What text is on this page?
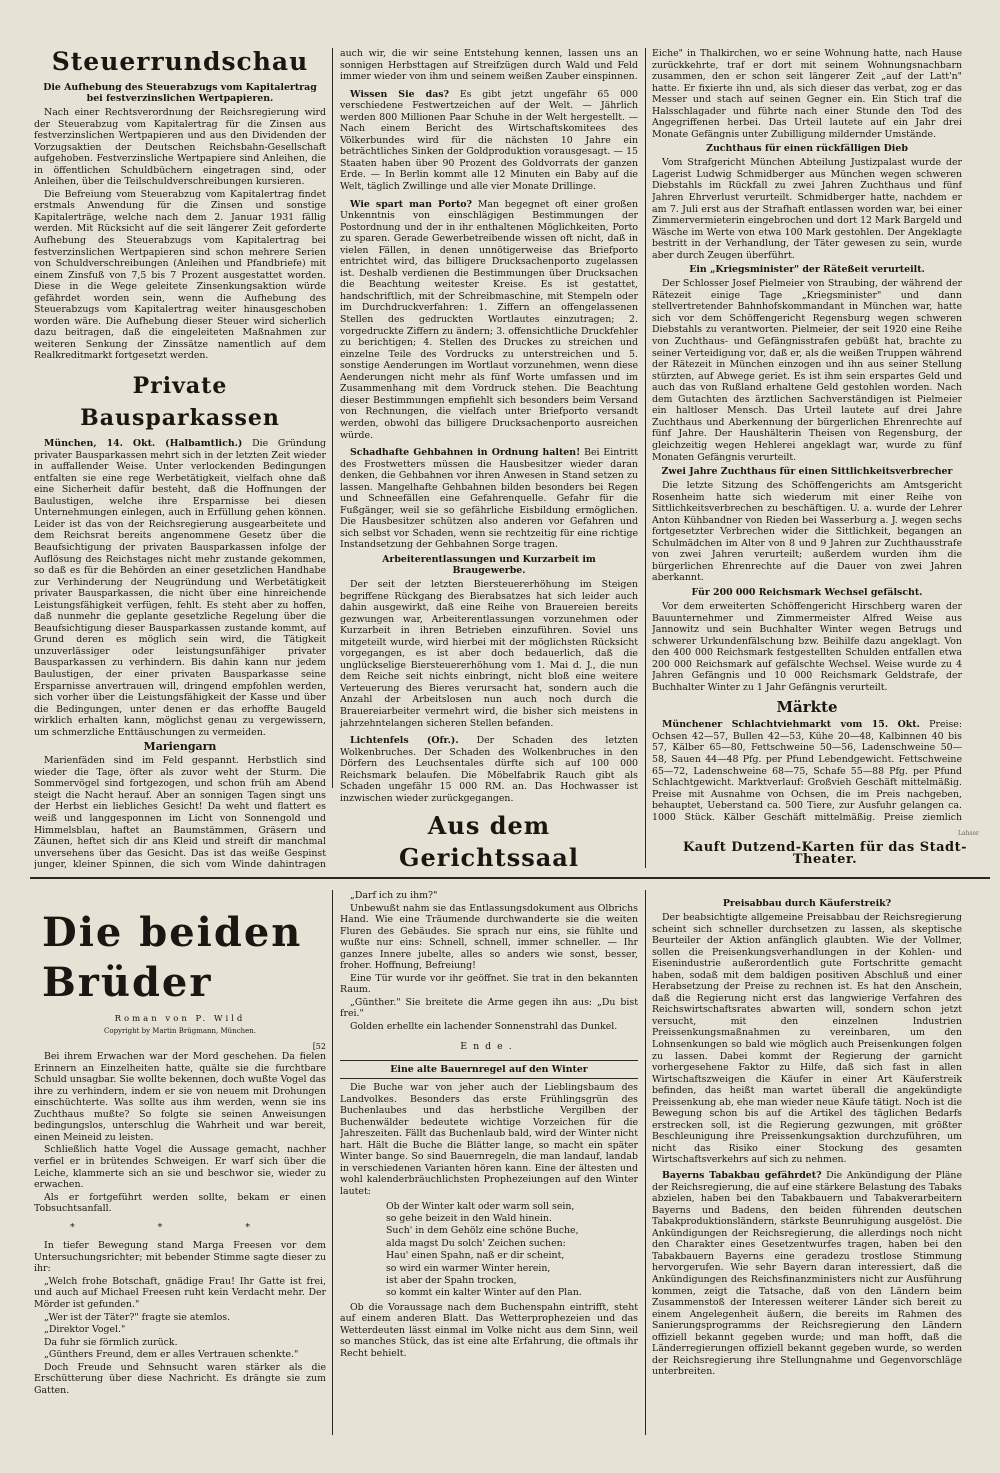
Steuerrundschau
Die Aufhebung des Steuerabzugs vom Kapitalertrag bei festverzinslichen Wertpapieren.

Nach einer Rechtsverordnung der Reichsregierung wird der Steuerabzug vom Kapitalertrag für die Zinsen aus festverzinslichen Wertpapieren und aus den Dividenden der Vorzugsaktien der Deutschen Reichsbahn-Gesellschaft aufgehoben. Festverzinsliche Wertpapiere sind Anleihen, die in öffentlichen Schuldbüchern eingetragen sind, oder Anleihen, über die Teilschuldverschreibungen kursieren.

Die Befreiung vom Steuerabzug vom Kapitalertrag findet erstmals Anwendung für die Zinsen und sonstige Kapitalerträge, welche nach dem 2. Januar 1931 fällig werden. Mit Rücksicht auf die seit längerer Zeit geforderte Aufhebung des Steuerabzugs vom Kapitalertrag bei festverzinslichen Wertpapieren sind schon mehrere Serien von Schuldverschreibungen (Anleihen und Pfandbriefe) mit einem Zinsfuß von 7,5 bis 7 Prozent ausgestattet worden. Diese in die Wege geleitete Zinsenkungsaktion würde gefährdet worden sein, wenn die Aufhebung des Steuerabzugs vom Kapitalertrag weiter hinausgeschoben worden wäre. Die Aufhebung dieser Steuer wird sicherlich dazu beitragen, daß die eingeleiteten Maßnahmen zur weiteren Senkung der Zinssätze namentlich auf dem Realkreditmarkt fortgesetzt werden.

Private Bausparkassen

München, 14. Okt. (Halbamtlich.) Die Gründung privater Bausparkassen mehrt sich in der letzten Zeit wieder in auffallender Weise. Unter verlockenden Bedingungen entfalten sie eine rege Werbetätigkeit, vielfach ohne daß eine Sicherheit dafür besteht, daß die Hoffnungen der Baulustigen, welche ihre Ersparnisse bei diesen Unternehmungen einlegen, auch in Erfüllung gehen können. Leider ist das von der Reichsregierung ausgearbeitete und dem Reichsrat bereits angenommene Gesetz über die Beaufsichtigung der privaten Bausparkassen infolge der Auflösung des Reichstages nicht mehr zustande gekommen, so daß es für die Behörden an einer gesetzlichen Handhabe zur Verhinderung der Neugründung und Werbetätigkeit privater Bausparkassen, die nicht über eine hinreichende Leistungsfähigkeit verfügen, fehlt. Es steht aber zu hoffen, daß nunmehr die geplante gesetzliche Regelung über die Beaufsichtigung dieser Bausparkassen zustande kommt, auf Grund deren es möglich sein wird, die Tätigkeit unzuverlässiger oder leistungsunfähiger privater Bausparkassen zu verhindern. Bis dahin kann nur jedem Baulustigen, der einer privaten Bausparkasse seine Ersparnisse anvertrauen will, dringend empfohlen werden, sich vorher über die Leistungsfähigkeit der Kasse und über die Bedingungen, unter denen er das erhoffte Baugeld wirklich erhalten kann, möglichst genau zu vergewissern, um schmerzliche Enttäuschungen zu vermeiden.

Mariengarn

Marienfäden sind im Feld gespannt. Herbstlich sind wieder die Tage, öfter als zuvor weht der Sturm. Die Sommervögel sind fortgezogen, und schon früh am Abend steigt die Nacht herauf. Aber an sonnigen Tagen singt uns der Herbst ein liebliches Gesicht! Da weht und flattert es weiß und langgesponnen im Licht von Sonnengold und Himmelsblau, haftet an Baumstämmen, Gräsern und Zäunen, heftet sich dir ans Kleid und streift dir manchmal unversehens über das Gesicht. Das ist das weiße Gespinst junger, kleiner Spinnen, die sich vom Winde dahintragen

auch wir, die wir seine Entstehung kennen, lassen uns an sonnigen Herbsttagen auf Streifzügen durch Wald und Feld immer wieder von ihm und seinem weißen Zauber einspinnen.

Wissen Sie das? Es gibt jetzt ungefähr 65 000 verschiedene Festwertzeichen auf der Welt. — Jährlich werden 800 Millionen Paar Schuhe in der Welt hergestellt. — Nach einem Bericht des Wirtschaftskomitees des Völkerbundes wird für die nächsten 10 Jahre ein beträchtliches Sinken der Goldproduktion vorausgesagt. — 15 Staaten haben über 90 Prozent des Goldvorrats der ganzen Erde. — In Berlin kommt alle 12 Minuten ein Baby auf die Welt, täglich Zwillinge und alle vier Monate Drillinge.

Wie spart man Porto? Man begegnet oft einer großen Unkenntnis von einschlägigen Bestimmungen der Postordnung und der in ihr enthaltenen Möglichkeiten, Porto zu sparen. Gerade Gewerbetreibende wissen oft nicht, daß in vielen Fällen, in denen unnötigerweise das Briefporto entrichtet wird, das billigere Drucksachenporto zugelassen ist. Deshalb verdienen die Bestimmungen über Drucksachen die Beachtung weitester Kreise. Es ist gestattet, handschriftlich, mit der Schreibmaschine, mit Stempeln oder im Durchdruckverfahren: 1. Ziffern an offengelassenen Stellen des gedruckten Wortlautes einzutragen; 2. vorgedruckte Ziffern zu ändern; 3. offensichtliche Druckfehler zu berichtigen; 4. Stellen des Druckes zu streichen und einzelne Teile des Vordrucks zu unterstreichen und 5. sonstige Aenderungen im Wortlaut vorzunehmen, wenn diese Aenderungen nicht mehr als fünf Worte umfassen und im Zusammenhang mit dem Vordruck stehen. Die Beachtung dieser Bestimmungen empfiehlt sich besonders beim Versand von Rechnungen, die vielfach unter Briefporto versandt werden, obwohl das billigere Drucksachenporto ausreichen würde.

Schadhafte Gehbahnen in Ordnung halten! Bei Eintritt des Frostwetters müssen die Hausbesitzer wieder daran denken, die Gehbahnen vor ihren Anwesen in Stand setzen zu lassen. Mangelhafte Gehbahnen bilden besonders bei Regen und Schneefällen eine Gefahrenquelle. Gefahr für die Fußgänger, weil sie so gefährliche Eisbildung ermöglichen. Die Hausbesitzer schützen also anderen vor Gefahren und sich selbst vor Schaden, wenn sie rechtzeitig für eine richtige Instandsetzung der Gehbahnen Sorge tragen.

Arbeiterentlassungen und Kurzarbeit im Braugewerbe.

Der seit der letzten Biersteuererhöhung im Steigen begriffene Rückgang des Bierabsatzes hat sich leider auch dahin ausgewirkt, daß eine Reihe von Brauereien bereits gezwungen war, Arbeiterentlassungen vorzunehmen oder Kurzarbeit in ihren Betrieben einzuführen. Soviel uns mitgeteilt wurde, wird hierbei mit der möglichsten Rücksicht vorgegangen, es ist aber doch bedauerlich, daß die unglückselige Biersteuererhöhung vom 1. Mai d. J., die nun dem Reiche seit nichts einbringt, nicht bloß eine weitere Verteuerung des Bieres verursacht hat, sondern auch die Anzahl der Arbeitslosen nun auch noch durch die Brauereiarbeiter vermehrt wird, die bisher sich meistens in jahrzehntelangen sicheren Stellen befanden.

Lichtenfels (Ofr.). Der Schaden des letzten Wolkenbruches. Der Schaden des Wolkenbruches in den Dörfern des Leuchsentales dürfte sich auf 100 000 Reichsmark belaufen. Die Möbelfabrik Rauch gibt als Schaden ungefähr 15 000 RM. an. Das Hochwasser ist inzwischen wieder zurückgegangen.

Aus dem Gerichtssaal

Eiche" in Thalkirchen, wo er seine Wohnung hatte, nach Hause zurückkehrte, traf er dort mit seinem Wohnungsnachbarn zusammen, den er schon seit längerer Zeit „auf der Latt'n" hatte. Er fixierte ihn und, als sich dieser das verbat, zog er das Messer und stach auf seinen Gegner ein. Ein Stich traf die Halsschlagader und führte nach einer Stunde den Tod des Angegriffenen herbei. Das Urteil lautete auf ein Jahr drei Monate Gefängnis unter Zubilligung mildernder Umstände.

Zuchthaus für einen rückfälligen Dieb

Vom Strafgericht München Abteilung Justizpalast wurde der Lagerist Ludwig Schmidberger aus München wegen schweren Diebstahls im Rückfall zu zwei Jahren Zuchthaus und fünf Jahren Ehrverlust verurteilt. Schmidberger hatte, nachdem er am 7. Juli erst aus der Strafhaft entlassen worden war, bei einer Zimmervermieterin eingebrochen und dort 12 Mark Bargeld und Wäsche im Werte von etwa 100 Mark gestohlen. Der Angeklagte bestritt in der Verhandlung, der Täter gewesen zu sein, wurde aber durch Zeugen überführt.

Ein „Kriegsminister" der Räteßeit verurteilt.

Der Schlosser Josef Pielmeier von Straubing, der während der Rätezeit einige Tage „Kriegsminister" und dann stellvertretender Bahnhofskommandant in München war, hatte sich vor dem Schöffengericht Regensburg wegen schweren Diebstahls zu verantworten. Pielmeier, der seit 1920 eine Reihe von Zuchthaus- und Gefängnisstrafen gebüßt hat, brachte zu seiner Verteidigung vor, daß er, als die weißen Truppen während der Rätezeit in München einzogen und ihn aus seiner Stellung stürzten, auf Abwege geriet. Es ist ihm sein erspartes Geld und auch das von Rußland erhaltene Geld gestohlen worden. Nach dem Gutachten des ärztlichen Sachverständigen ist Pielmeier ein haltloser Mensch. Das Urteil lautete auf drei Jahre Zuchthaus und Aberkennung der bürgerlichen Ehrenrechte auf fünf Jahre. Der Haushälterin Theisen von Regensburg, der gleichzeitig wegen Hehlerei angeklagt war, wurde zu fünf Monaten Gefängnis verurteilt.

Zwei Jahre Zuchthaus für einen Sittlichkeitsverbrecher

Die letzte Sitzung des Schöffengerichts am Amtsgericht Rosenheim hatte sich wiederum mit einer Reihe von Sittlichkeitsverbrechen zu beschäftigen. U. a. wurde der Lehrer Anton Kühbandner von Rieden bei Wasserburg a. J. wegen sechs fortgesetzter Verbrechen wider die Sittlichkeit, begangen an Schulmädchen im Alter von 8 und 9 Jahren zur Zuchthausstrafe von zwei Jahren verurteilt; außerdem wurden ihm die bürgerlichen Ehrenrechte auf die Dauer von zwei Jahren aberkannt.

Für 200 000 Reichsmark Wechsel gefälscht.

Vor dem erweiterten Schöffengericht Hirschberg waren der Bauunternehmer und Zimmermeister Alfred Weise aus Jannowitz und sein Buchhalter Winter wegen Betrugs und schwerer Urkundenfälschung bzw. Beihilfe dazu angeklagt. Von den 400 000 Reichsmark festgestellten Schulden entfallen etwa 200 000 Reichsmark auf gefälschte Wechsel. Weise wurde zu 4 Jahren Gefängnis und 10 000 Reichsmark Geldstrafe, der Buchhalter Winter zu 1 Jahr Gefängnis verurteilt.

Märkte

Münchener Schlachtviehmarkt vom 15. Okt. Preise: Ochsen 42—57, Bullen 42—53, Kühe 20—48, Kalbinnen 40 bis 57, Kälber 65—80, Fettschweine 50—56, Ladenschweine 50—58, Sauen 44—48 Pfg. per Pfund Lebendgewicht. Fettschweine 65—72, Ladenschweine 68—75, Schafe 55—88 Pfg. per Pfund Schlachtgewicht. Marktverlauf: Großvieh Geschäft mittelmäßig. Preise mit Ausnahme von Ochsen, die im Preis nachgeben, behauptet, Ueberstand ca. 500 Tiere, zur Ausfuhr gelangen ca. 1000 Stück. Kälber Geschäft mittelmäßig. Preise ziemlich

Lahser
Kauft Dutzend-Karten für das Stadt-Theater.
Die beiden Brüder

Roman von P. Wild

Copyright by Martin Brügmann, München.

[52

Bei ihrem Erwachen war der Mord geschehen. Da fielen Erinnern an Einzelheiten hatte, quälte sie die furchtbare Schuld unsagbar. Sie wollte bekennen, doch wußte Vogel das ihre zu verhindern, indem er sie von neuem mit Drohungen einschüchterte. Was sollte aus ihm werden, wenn sie ins Zuchthaus mußte? So folgte sie seinen Anweisungen bedingungslos, unterschlug die Wahrheit und war bereit, einen Meineid zu leisten.

Schließlich hatte Vogel die Aussage gemacht, nachher verfiel er in brütendes Schweigen. Er warf sich über die Leiche, klammerte sich an sie und beschwor sie, wieder zu erwachen.

Als er fortgeführt werden sollte, bekam er einen Tobsuchtsanfall.

* * *

In tiefer Bewegung stand Marga Freesen vor dem Untersuchungsrichter; mit bebender Stimme sagte dieser zu ihr:

„Welch frohe Botschaft, gnädige Frau! Ihr Gatte ist frei, und auch auf Michael Freesen ruht kein Verdacht mehr. Der Mörder ist gefunden."

„Wer ist der Täter?" fragte sie atemlos.

„Direktor Vogel."

Da fuhr sie förmlich zurück.

„Günthers Freund, dem er alles Vertrauen schenkte."

Doch Freude und Sehnsucht waren stärker als die Erschütterung über diese Nachricht. Es drängte sie zum Gatten.

„Darf ich zu ihm?"

Unbewußt nahm sie das Entlassungsdokument aus Olbrichs Hand. Wie eine Träumende durchwanderte sie die weiten Fluren des Gebäudes. Sie sprach nur eins, sie fühlte und wußte nur eins: Schnell, schnell, immer schneller. — Ihr ganzes Innere jubelte, alles so anders wie sonst, besser, froher. Hoffnung, Befreiung!

Eine Tür wurde vor ihr geöffnet. Sie trat in den bekannten Raum.

„Günther." Sie breitete die Arme gegen ihn aus: „Du bist frei."

Golden erhellte ein lachender Sonnenstrahl das Dunkel.

Ende.

Eine alte Bauernregel auf den Winter

Die Buche war von jeher auch der Lieblingsbaum des Landvolkes. Besonders das erste Frühlingsgrün des Buchenlaubes und das herbstliche Vergilben der Buchenwälder bedeutete wichtige Vorzeichen für die Jahreszeiten. Fällt das Buchenlaub bald, wird der Winter nicht hart. Hält die Buche die Blätter lange, so macht ein später Winter bange. So sind Bauernregeln, die man landauf, landab in verschiedenen Varianten hören kann. Eine der ältesten und wohl kalenderbräuchlichsten Prophezeiungen auf den Winter lautet:

Ob der Winter kalt oder warm soll sein,

so gehe beizeit in den Wald hinein.

Such' in dem Gehölz eine schöne Buche,

alda magst Du solch' Zeichen suchen:

Hau' einen Spahn, naß er dir scheint,

so wird ein warmer Winter herein,

ist aber der Spahn trocken,

so kommt ein kalter Winter auf den Plan.

Ob die Voraussage nach dem Buchenspahn eintrifft, steht auf einem anderen Blatt. Das Wetterprophezeien und das Wetterdeuten lässt einmal im Volke nicht aus dem Sinn, weil so manches Stück, das ist eine alte Erfahrung, die oftmals ihr Recht behielt.

Preisabbau durch Käuferstreik?

Der beabsichtigte allgemeine Preisabbau der Reichsregierung scheint sich schneller durchsetzen zu lassen, als skeptische Beurteiler der Aktion anfänglich glaubten. Wie der Vollmer, sollen die Preisenkungsverhandlungen in der Kohlen- und Eisenindustrie außerordentlich gute Fortschritte gemacht haben, sodaß mit dem baldigen positiven Abschluß und einer Herabsetzung der Preise zu rechnen ist. Es hat den Anschein, daß die Regierung nicht erst das langwierige Verfahren des Reichswirtschaftsrates abwarten will, sondern schon jetzt versucht, mit den einzelnen Industrien Preissenkungsmaßnahmen zu vereinbaren, um den Lohnsenkungen so bald wie möglich auch Preisenkungen folgen zu lassen. Dabei kommt der Regierung der garnicht vorhergesehene Faktor zu Hilfe, daß sich fast in allen Wirtschaftszweigen die Käufer in einer Art Käuferstreik befinden, das heißt man wartet überall die angekündigte Preissenkung ab, ehe man wieder neue Käufe tätigt. Noch ist die Bewegung schon bis auf die Artikel des täglichen Bedarfs erstrecken soll, ist die Regierung gezwungen, mit größter Beschleunigung ihre Preissenkungsaktion durchzuführen, um nicht das Risiko einer Stockung des gesamten Wirtschaftsverkehrs auf sich zu nehmen.

Bayerns Tabakbau gefährdet? Die Ankündigung der Pläne der Reichsregierung, die auf eine stärkere Belastung des Tabaks abzielen, haben bei den Tabakbauern und Tabakverarbeitern Bayerns und Badens, den beiden führenden deutschen Tabakproduktionsländern, stärkste Beunruhigung ausgelöst. Die Ankündigungen der Reichsregierung, die allerdings noch nicht den Charakter eines Gesetzentwurfes tragen, haben bei den Tabakbauern Bayerns eine geradezu trostlose Stimmung hervorgerufen. Wie sehr Bayern daran interessiert, daß die Ankündigungen des Reichsfinanzministers nicht zur Ausführung kommen, zeigt die Tatsache, daß von den Ländern beim Zusammenstoß der Interessen weiterer Länder sich bereit zu einem Angelegenheit äußern, die bereits im Rahmen des Sanierungsprogramms der Reichsregierung den Ländern offiziell bekannt gegeben wurde; und man hofft, daß die Länderregierungen offiziell bekannt gegeben wurde, so werden der Reichsregierung ihre Stellungnahme und Gegenvorschläge unterbreiten.
